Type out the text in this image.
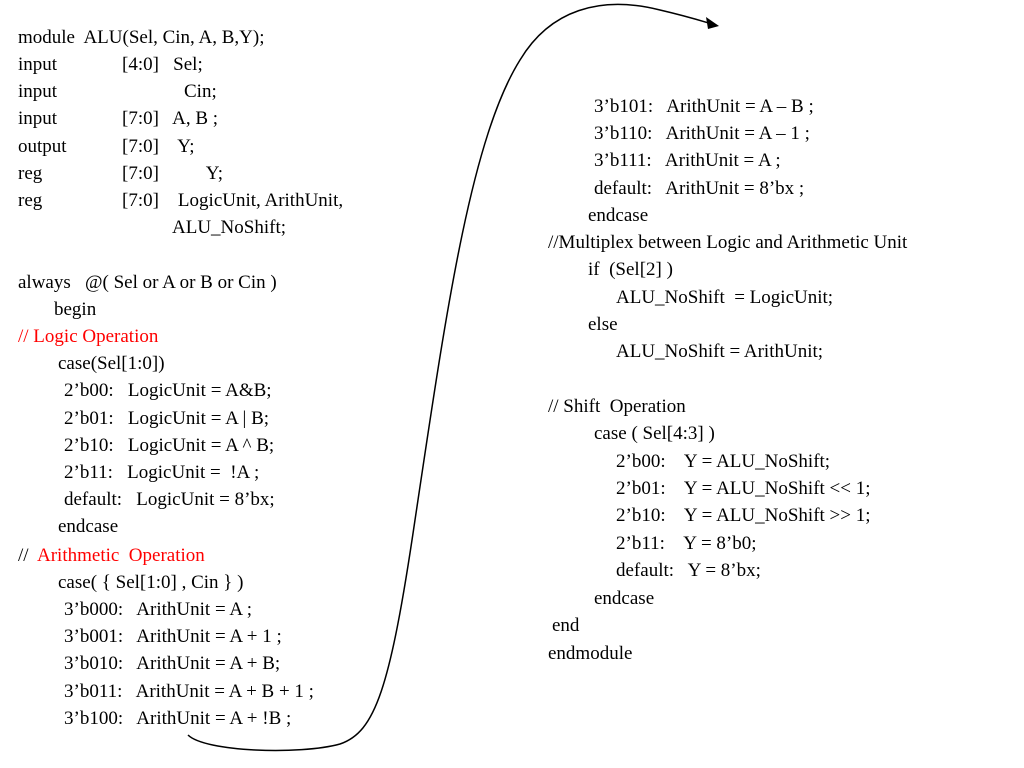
module  ALU(Sel, Cin, A, B,Y);
input	[4:0]   Sel;
input	Cin;
input	[7:0]   A, B ;
output	[7:0]    Y;
reg	[7:0]          Y;
reg	[7:0]    LogicUnit, ArithUnit,
ALU_NoShift;
always   @( Sel or A or B or Cin )
begin
// Logic Operation
case(Sel[1:0])
2’b00:   LogicUnit = A&B;
2’b01:   LogicUnit = A | B;
2’b10:   LogicUnit = A ^ B;
2’b11:   LogicUnit =  !A ;
default:   LogicUnit = 8’bx;
endcase
// Arithmetic  Operation
case( { Sel[1:0] , Cin } )
3’b000:   ArithUnit = A ;
3’b001:   ArithUnit = A + 1 ;
3’b010:   ArithUnit = A + B;
3’b011:   ArithUnit = A + B + 1 ;
3’b100:   ArithUnit = A + !B ;
3’b101:   ArithUnit = A – B ;
3’b110:   ArithUnit = A – 1 ;
3’b111:   ArithUnit = A ;
default:   ArithUnit = 8’bx ;
endcase
//Multiplex between Logic and Arithmetic Unit
if  (Sel[2] )
ALU_NoShift  = LogicUnit;
else
ALU_NoShift = ArithUnit;
// Shift  Operation
case ( Sel[4:3] )
2’b00:    Y = ALU_NoShift;
2’b01:    Y = ALU_NoShift << 1;
2’b10:    Y = ALU_NoShift >> 1;
2’b11:    Y = 8’b0;
default:   Y = 8’bx;
endcase
end
endmodule
